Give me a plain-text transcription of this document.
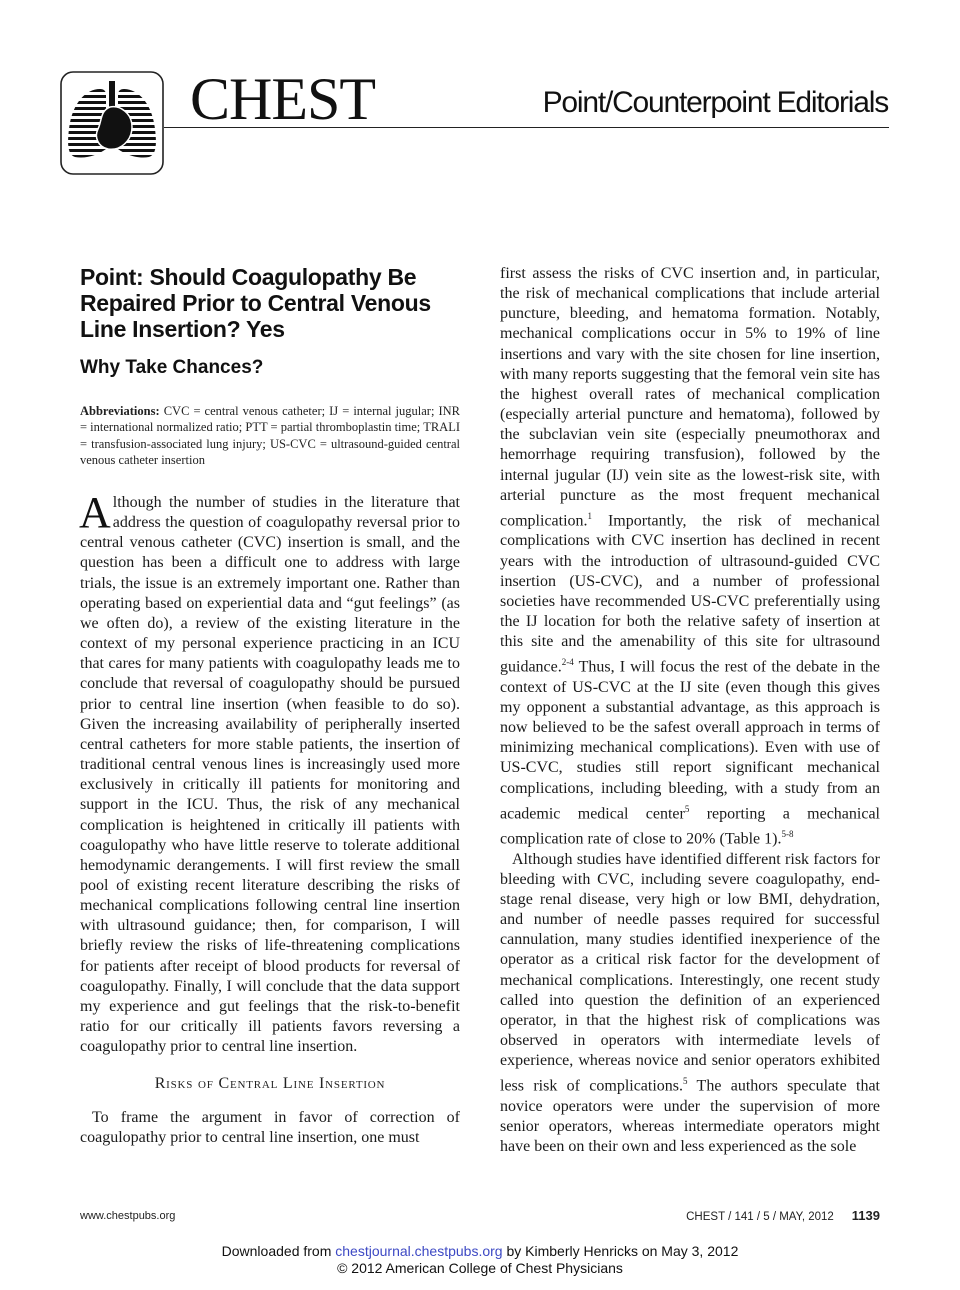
CHEST	Point/Counterpoint Editorials
Point: Should Coagulopathy Be Repaired Prior to Central Venous Line Insertion? Yes
Why Take Chances?
Abbreviations: CVC = central venous catheter; IJ = internal jugular; INR = international normalized ratio; PTT = partial thromboplastin time; TRALI = transfusion-associated lung injury; US-CVC = ultrasound-guided central venous catheter insertion

Although the number of studies in the literature that address the question of coagulopathy reversal prior to central venous catheter (CVC) insertion is small, and the question has been a difficult one to address with large trials, the issue is an extremely important one. Rather than operating based on experiential data and “gut feelings” (as we often do), a review of the existing literature in the context of my personal experience practicing in an ICU that cares for many patients with coagulopathy leads me to conclude that reversal of coagulopathy should be pursued prior to central line insertion (when feasible to do so). Given the increasing availability of peripherally inserted central catheters for more stable patients, the insertion of traditional central venous lines is increasingly used more exclusively in critically ill patients for monitoring and support in the ICU. Thus, the risk of any mechanical complication is heightened in critically ill patients with coagulopathy who have little reserve to tolerate additional hemodynamic derangements. I will first review the small pool of existing recent literature describing the risks of mechanical complications following central line insertion with ultrasound guidance; then, for comparison, I will briefly review the risks of life-threatening complications for patients after receipt of blood products for reversal of coagulopathy. Finally, I will conclude that the data support my experience and gut feelings that the risk-to-benefit ratio for our critically ill patients favors reversing a coagulopathy prior to central line insertion.

Risks of Central Line Insertion

To frame the argument in favor of correction of coagulopathy prior to central line insertion, one must

first assess the risks of CVC insertion and, in particular, the risk of mechanical complications that include arterial puncture, bleeding, and hematoma formation. Notably, mechanical complications occur in 5% to 19% of line insertions and vary with the site chosen for line insertion, with many reports suggesting that the femoral vein site has the highest overall rates of mechanical complication (especially arterial puncture and hematoma), followed by the subclavian vein site (especially pneumothorax and hemorrhage requiring transfusion), followed by the internal jugular (IJ) vein site as the lowest-risk site, with arterial puncture as the most frequent mechanical complication.$^1$ Importantly, the risk of mechanical complications with CVC insertion has declined in recent years with the introduction of ultrasound-guided CVC insertion (US-CVC), and a number of professional societies have recommended US-CVC preferentially using the IJ location for both the relative safety of insertion at this site and the amenability of this site for ultrasound guidance.$^{2-4}$ Thus, I will focus the rest of the debate in the context of US-CVC at the IJ site (even though this gives my opponent a substantial advantage, as this approach is now believed to be the safest overall approach in terms of minimizing mechanical complications). Even with use of US-CVC, studies still report significant mechanical complications, including bleeding, with a study from an academic medical center$^5$ reporting a mechanical complication rate of close to 20% (Table 1).$^{5-8}$

Although studies have identified different risk factors for bleeding with CVC, including severe coagulopathy, end-stage renal disease, very high or low BMI, dehydration, and number of needle passes required for successful cannulation, many studies identified inexperience of the operator as a critical risk factor for the development of mechanical complications. Interestingly, one recent study called into question the definition of an experienced operator, in that the highest risk of complications was observed in operators with intermediate levels of experience, whereas novice and senior operators exhibited less risk of complications.$^5$ The authors speculate that novice operators were under the supervision of more senior operators, whereas intermediate operators might have been on their own and less experienced as the sole

www.chestpubs.org	CHEST / 141 / 5 / MAY, 2012 1139
Downloaded from chestjournal.chestpubs.org by Kimberly Henricks on May 3, 2012
© 2012 American College of Chest Physicians
